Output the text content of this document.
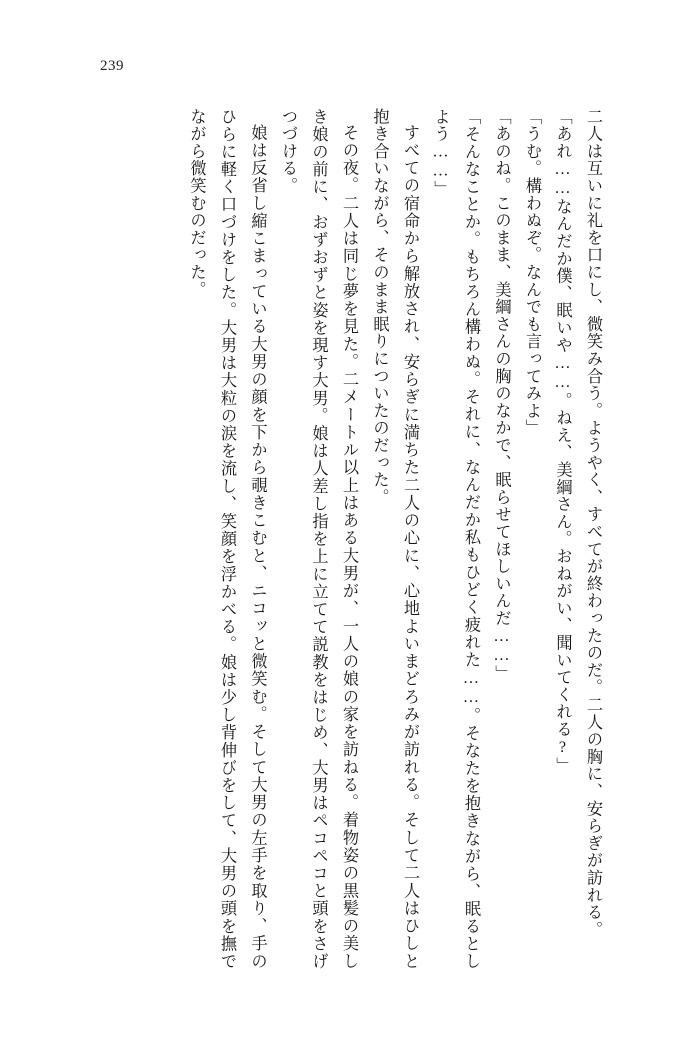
239

二人は互いに礼を口にし、微笑み合う。ようやく、すべてが終わったのだ。二人の胸に、安らぎが訪れる。

「あれ……なんだか僕、眠いや……。ねえ、美綱さん。おねがい、聞いてくれる?」

「うむ。構わぬぞ。なんでも言ってみよ」

「あのね。このまま、美綱さんの胸のなかで、眠らせてほしいんだ……」

「そんなことか。もちろん構わぬ。それに、なんだか私もひどく疲れた……。そなたを抱きながら、眠るとしよう……」

すべての宿命から解放され、安らぎに満ちた二人の心に、心地よいまどろみが訪れる。そして二人はひしと抱き合いながら、そのまま眠りについたのだった。

その夜。二人は同じ夢を見た。二メートル以上はある大男が、一人の娘の家を訪ねる。着物姿の黒髪の美しき娘の前に、おずおずと姿を現す大男。娘は人差し指を上に立てて説教をはじめ、大男はペコペコと頭をさげつづける。

娘は反省し縮こまっている大男の顔を下から覗きこむと、ニコッと微笑む。そして大男の左手を取り、手のひらに軽く口づけをした。大男は大粒の涙を流し、笑顔を浮かべる。娘は少し背伸びをして、大男の頭を撫でながら微笑むのだった。
